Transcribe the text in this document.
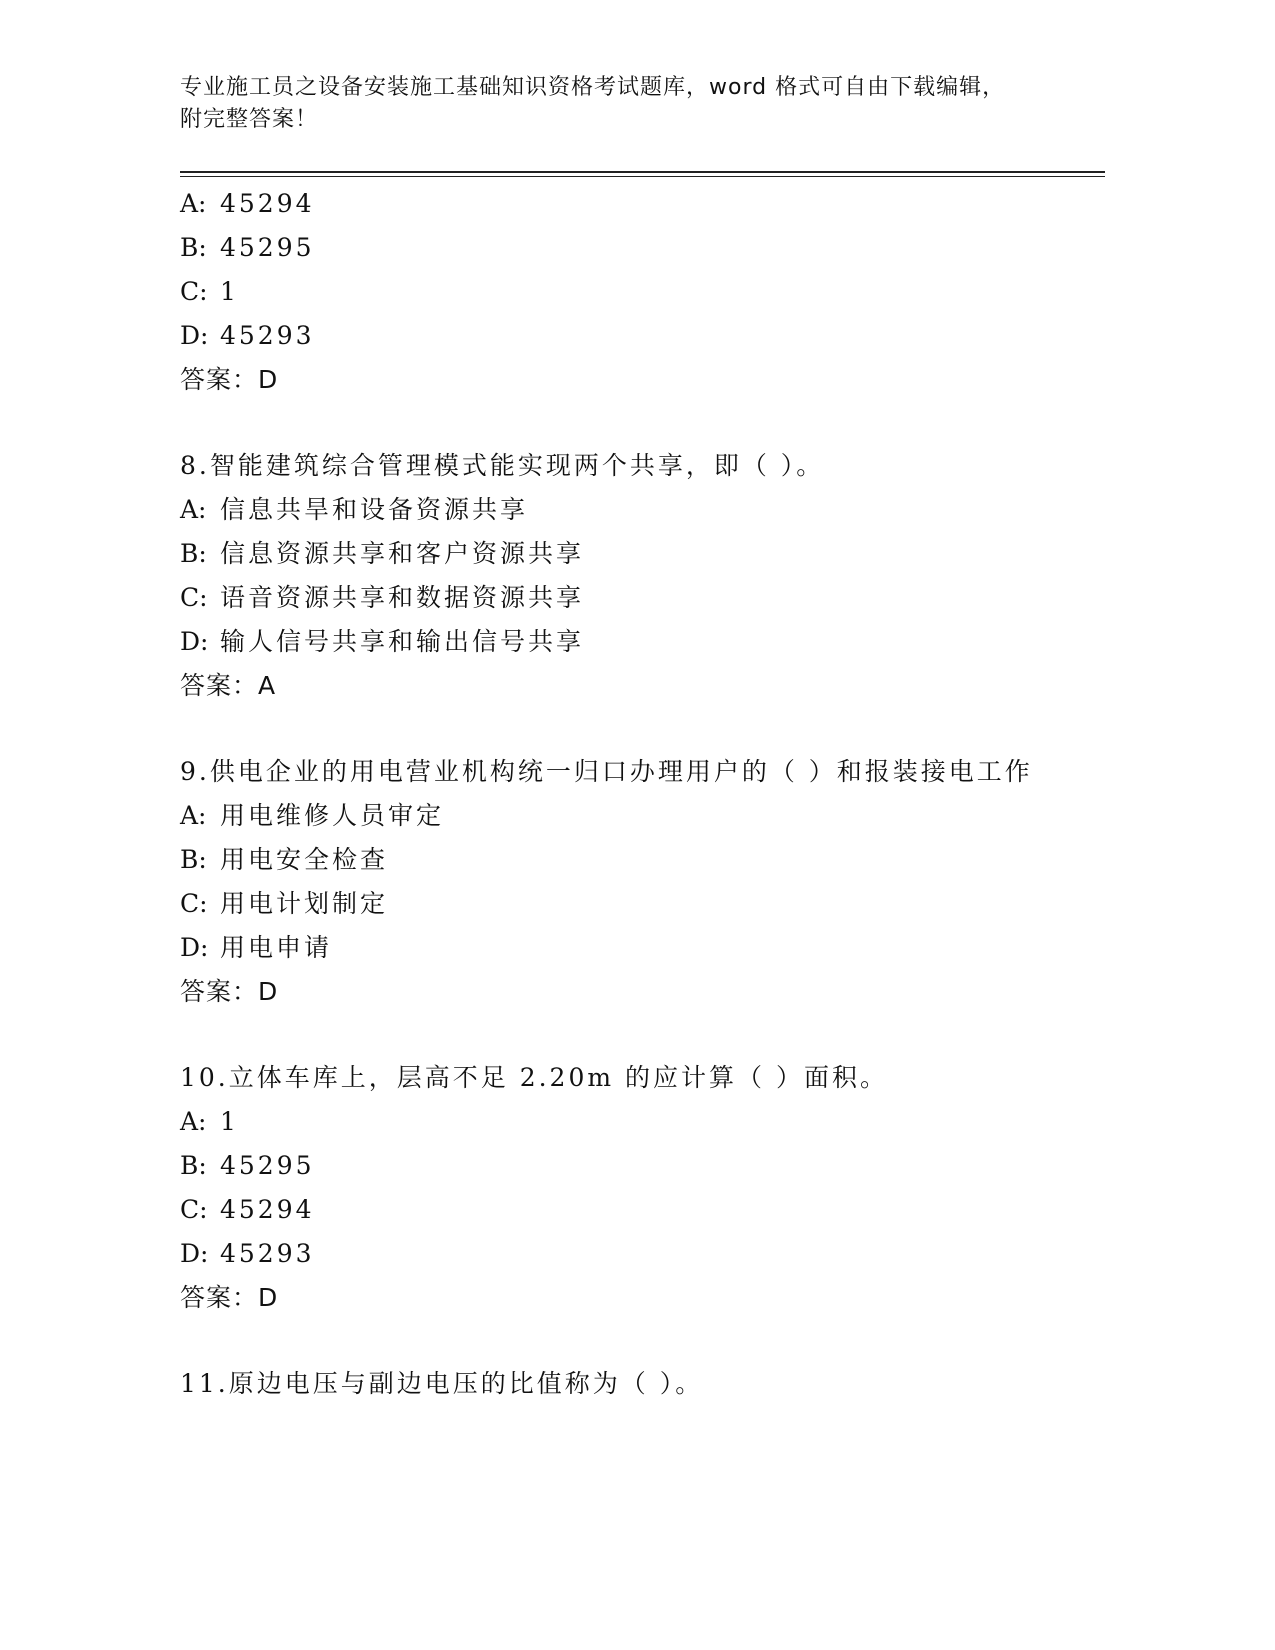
专业施工员之设备安装施工基础知识资格考试题库，word 格式可自由下载编辑，
附完整答案！
A: 45294
B: 45295
C: 1
D: 45293
答案：D
8.智能建筑综合管理模式能实现两个共享，即（ ）。
A: 信息共旱和设备资源共享
B: 信息资源共享和客户资源共享
C: 语音资源共享和数据资源共享
D: 输人信号共享和输出信号共享
答案：A
9.供电企业的用电营业机构统一归口办理用户的（ ）和报装接电工作
A: 用电维修人员审定
B: 用电安全检查
C: 用电计划制定
D: 用电申请
答案：D
10.立体车库上，层高不足 2.20m 的应计算（ ）面积。
A: 1
B: 45295
C: 45294
D: 45293
答案：D
11.原边电压与副边电压的比值称为（ ）。
